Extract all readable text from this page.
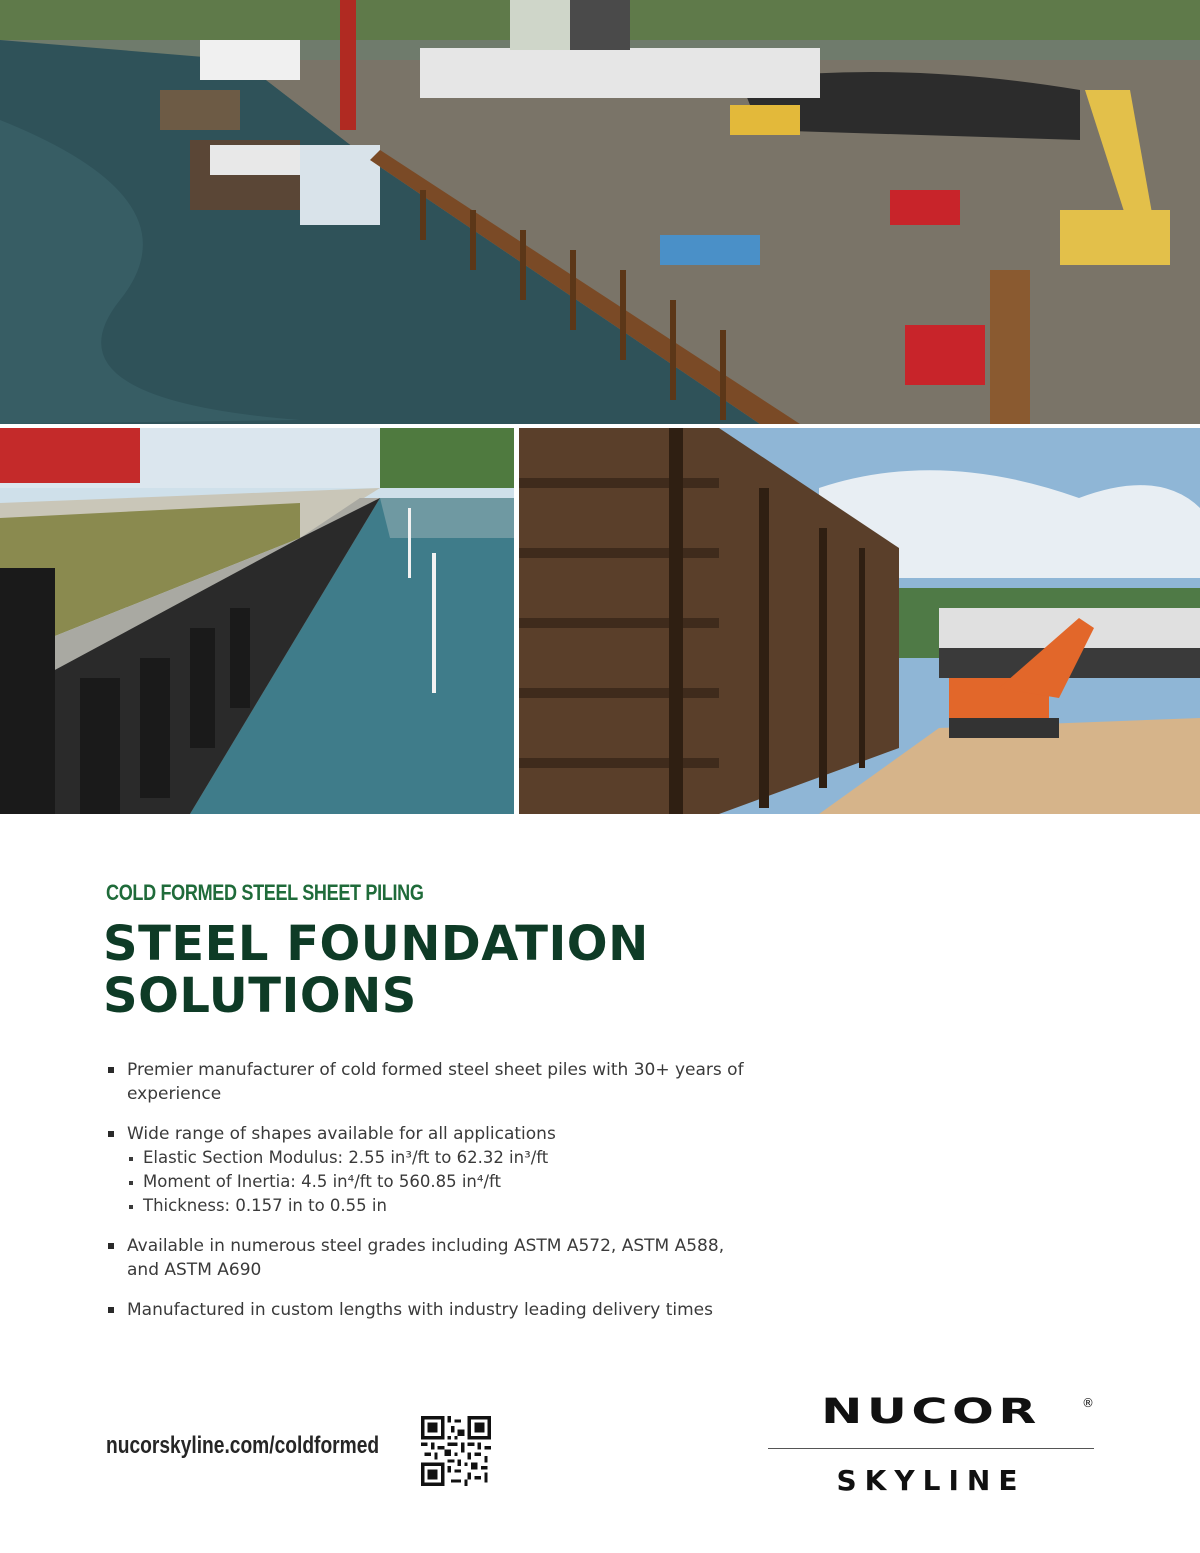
COLD FORMED STEEL SHEET PILING
STEEL FOUNDATION
SOLUTIONS
Premier manufacturer of cold formed steel sheet piles with 30+ years of experience
Wide range of shapes available for all applications
Elastic Section Modulus: 2.55 in³/ft to 62.32 in³/ft
Moment of Inertia: 4.5 in⁴/ft to 560.85 in⁴/ft
Thickness: 0.157 in to 0.55 in
Available in numerous steel grades including ASTM A572, ASTM A588, and ASTM A690
Manufactured in custom lengths with industry leading delivery times
nucorskyline.com/coldformed
NUCOR	®
SKYLINE
